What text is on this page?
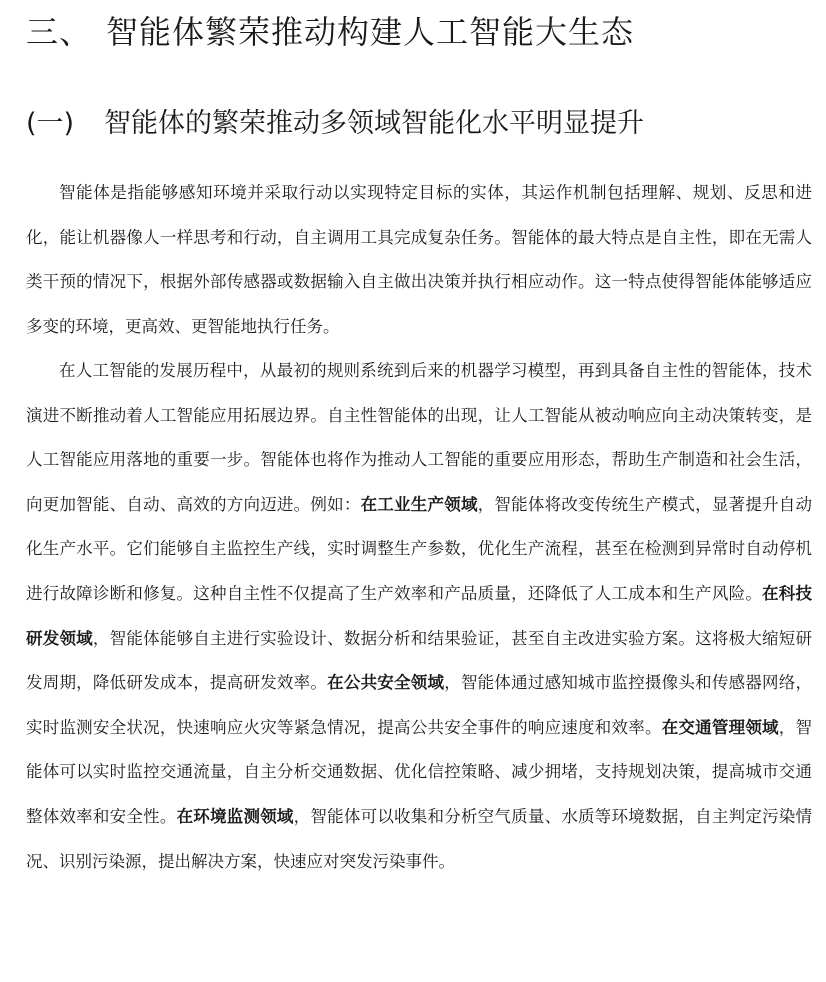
三、 智能体繁荣推动构建人工智能大生态
(一) 智能体的繁荣推动多领域智能化水平明显提升

智能体是指能够感知环境并采取行动以实现特定目标的实体，其运作机制包括理解、规划、反思和进化，能让机器像人一样思考和行动，自主调用工具完成复杂任务。智能体的最大特点是自主性，即在无需人类干预的情况下，根据外部传感器或数据输入自主做出决策并执行相应动作。这一特点使得智能体能够适应多变的环境，更高效、更智能地执行任务。

在人工智能的发展历程中，从最初的规则系统到后来的机器学习模型，再到具备自主性的智能体，技术演进不断推动着人工智能应用拓展边界。自主性智能体的出现，让人工智能从被动响应向主动决策转变，是人工智能应用落地的重要一步。智能体也将作为推动人工智能的重要应用形态，帮助生产制造和社会生活，向更加智能、自动、高效的方向迈进。例如：在工业生产领域，智能体将改变传统生产模式，显著提升自动化生产水平。它们能够自主监控生产线，实时调整生产参数，优化生产流程，甚至在检测到异常时自动停机进行故障诊断和修复。这种自主性不仅提高了生产效率和产品质量，还降低了人工成本和生产风险。在科技研发领域，智能体能够自主进行实验设计、数据分析和结果验证，甚至自主改进实验方案。这将极大缩短研发周期，降低研发成本，提高研发效率。在公共安全领域，智能体通过感知城市监控摄像头和传感器网络，实时监测安全状况，快速响应火灾等紧急情况，提高公共安全事件的响应速度和效率。在交通管理领域，智能体可以实时监控交通流量，自主分析交通数据、优化信控策略、减少拥堵，支持规划决策，提高城市交通整体效率和安全性。在环境监测领域，智能体可以收集和分析空气质量、水质等环境数据，自主判定污染情况、识别污染源，提出解决方案，快速应对突发污染事件。
